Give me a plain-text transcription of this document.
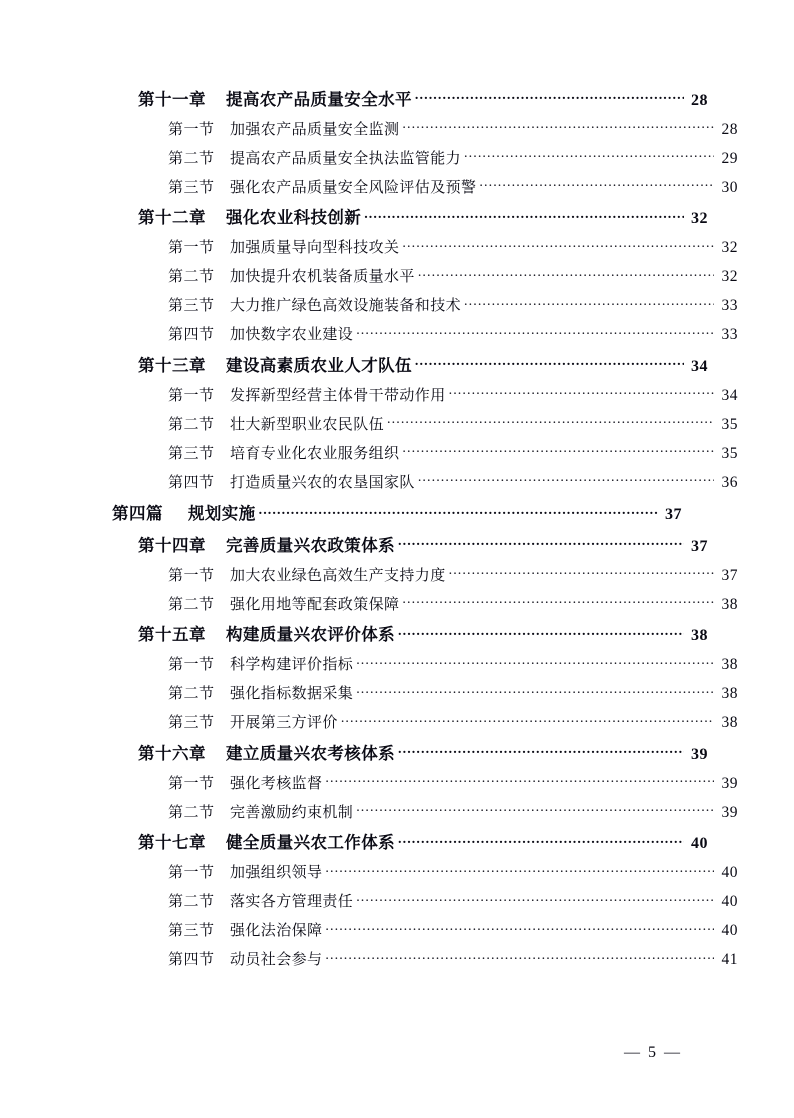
第十一章	提高农产品质量安全水平 .....	28
第一节	加强农产品质量安全监测 .....	28
第二节	提高农产品质量安全执法监管能力 .....	29
第三节	强化农产品质量安全风险评估及预警 .....	30
第十二章	强化农业科技创新 .....	32
第一节	加强质量导向型科技攻关 .....	32
第二节	加快提升农机装备质量水平 .....	32
第三节	大力推广绿色高效设施装备和技术 .....	33
第四节	加快数字农业建设 .....	33
第十三章	建设高素质农业人才队伍 .....	34
第一节	发挥新型经营主体骨干带动作用 .....	34
第二节	壮大新型职业农民队伍 .....	35
第三节	培育专业化农业服务组织 .....	35
第四节	打造质量兴农的农垦国家队 .....	36
第四篇	规划实施 .....	37
第十四章	完善质量兴农政策体系 .....	37
第一节	加大农业绿色高效生产支持力度 .....	37
第二节	强化用地等配套政策保障 .....	38
第十五章	构建质量兴农评价体系 .....	38
第一节	科学构建评价指标 .....	38
第二节	强化指标数据采集 .....	38
第三节	开展第三方评价 .....	38
第十六章	建立质量兴农考核体系 .....	39
第一节	强化考核监督 .....	39
第二节	完善激励约束机制 .....	39
第十七章	健全质量兴农工作体系 .....	40
第一节	加强组织领导 .....	40
第二节	落实各方管理责任 .....	40
第三节	强化法治保障 .....	40
第四节	动员社会参与 .....	41
— 5 —
